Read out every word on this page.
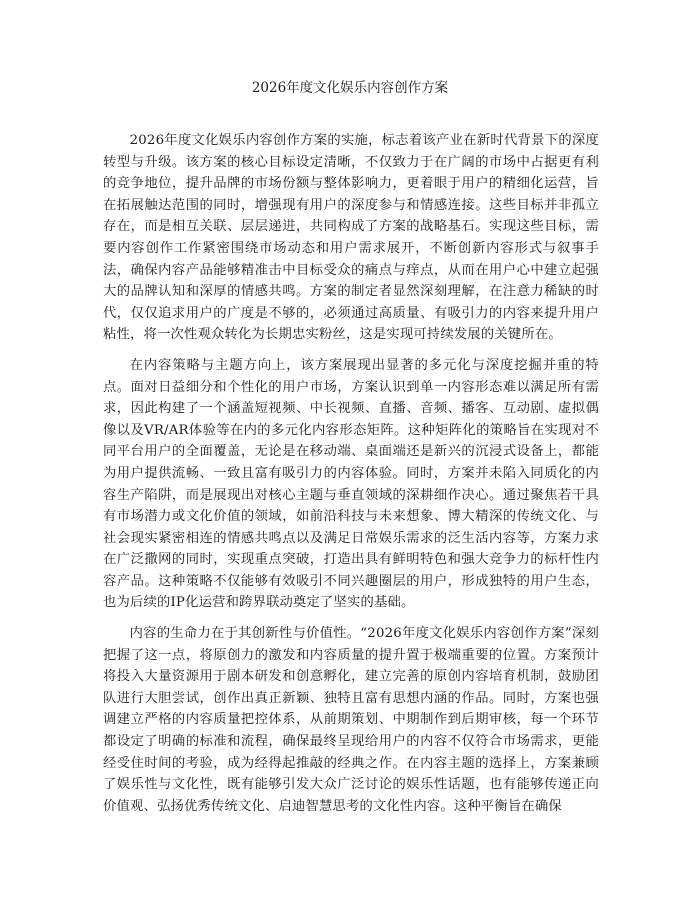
2026年度文化娱乐内容创作方案

2026年度文化娱乐内容创作方案的实施，标志着该产业在新时代背景下的深度转型与升级。该方案的核心目标设定清晰，不仅致力于在广阔的市场中占据更有利的竞争地位，提升品牌的市场份额与整体影响力，更着眼于用户的精细化运营，旨在拓展触达范围的同时，增强现有用户的深度参与和情感连接。这些目标并非孤立存在，而是相互关联、层层递进，共同构成了方案的战略基石。实现这些目标，需要内容创作工作紧密围绕市场动态和用户需求展开，不断创新内容形式与叙事手法，确保内容产品能够精准击中目标受众的痛点与痒点，从而在用户心中建立起强大的品牌认知和深厚的情感共鸣。方案的制定者显然深刻理解，在注意力稀缺的时代，仅仅追求用户的广度是不够的，必须通过高质量、有吸引力的内容来提升用户粘性，将一次性观众转化为长期忠实粉丝，这是实现可持续发展的关键所在。

在内容策略与主题方向上，该方案展现出显著的多元化与深度挖掘并重的特点。面对日益细分和个性化的用户市场，方案认识到单一内容形态难以满足所有需求，因此构建了一个涵盖短视频、中长视频、直播、音频、播客、互动剧、虚拟偶像以及VR/AR体验等在内的多元化内容形态矩阵。这种矩阵化的策略旨在实现对不同平台用户的全面覆盖，无论是在移动端、桌面端还是新兴的沉浸式设备上，都能为用户提供流畅、一致且富有吸引力的内容体验。同时，方案并未陷入同质化的内容生产陷阱，而是展现出对核心主题与垂直领域的深耕细作决心。通过聚焦若干具有市场潜力或文化价值的领域，如前沿科技与未来想象、博大精深的传统文化、与社会现实紧密相连的情感共鸣点以及满足日常娱乐需求的泛生活内容等，方案力求在广泛撒网的同时，实现重点突破，打造出具有鲜明特色和强大竞争力的标杆性内容产品。这种策略不仅能够有效吸引不同兴趣圈层的用户，形成独特的用户生态，也为后续的IP化运营和跨界联动奠定了坚实的基础。

内容的生命力在于其创新性与价值性。“2026年度文化娱乐内容创作方案”深刻把握了这一点，将原创力的激发和内容质量的提升置于极端重要的位置。方案预计将投入大量资源用于剧本研发和创意孵化，建立完善的原创内容培育机制，鼓励团队进行大胆尝试，创作出真正新颖、独特且富有思想内涵的作品。同时，方案也强调建立严格的内容质量把控体系，从前期策划、中期制作到后期审核，每一个环节都设定了明确的标准和流程，确保最终呈现给用户的内容不仅符合市场需求，更能经受住时间的考验，成为经得起推敲的经典之作。在内容主题的选择上，方案兼顾了娱乐性与文化性，既有能够引发大众广泛讨论的娱乐性话题，也有能够传递正向价值观、弘扬优秀传统文化、启迪智慧思考的文化性内容。这种平衡旨在确保
